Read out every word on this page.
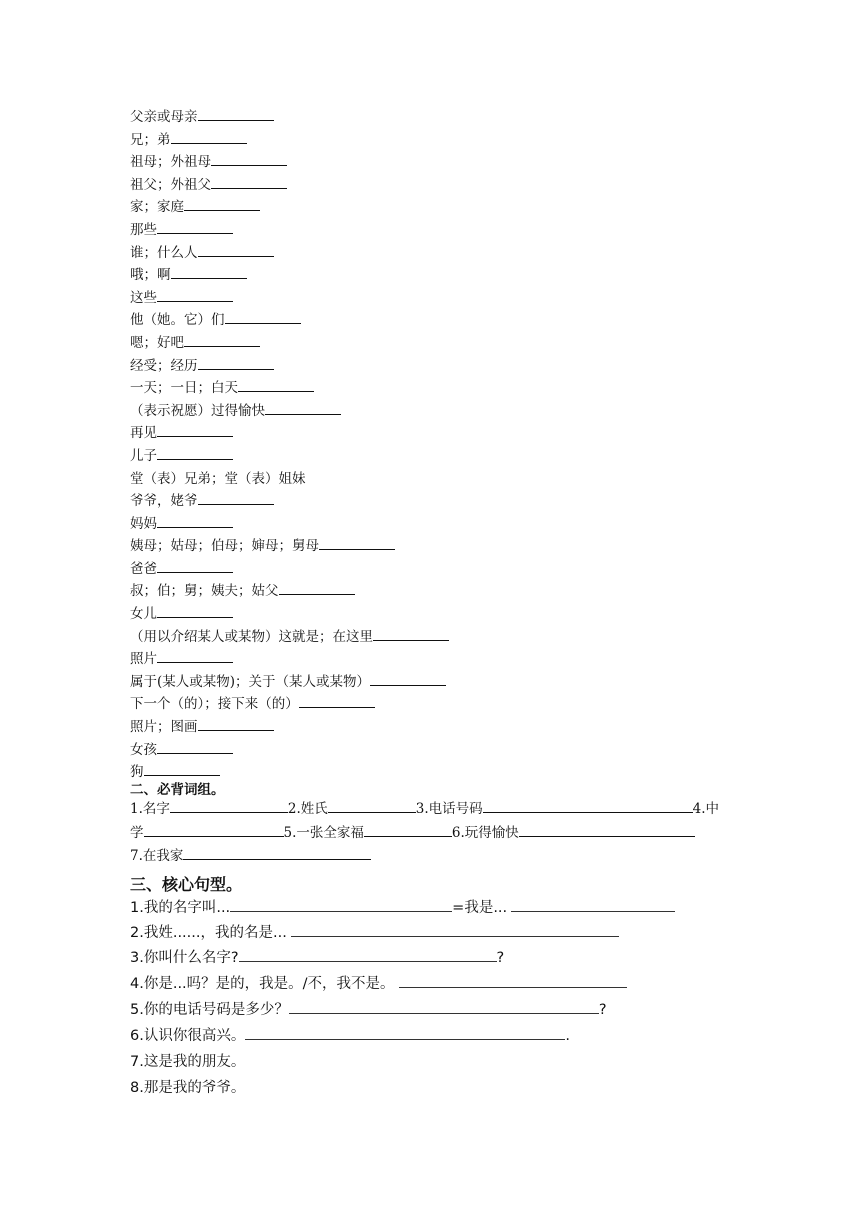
父亲或母亲
兄；弟
祖母；外祖母
祖父；外祖父
家；家庭
那些
谁；什么人
哦；啊
这些
他（她。它）们
嗯；好吧
经受；经历
一天；一日；白天
（表示祝愿）过得愉快
再见
儿子
堂（表）兄弟；堂（表）姐妹
爷爷，姥爷
妈妈
姨母；姑母；伯母；婶母；舅母
爸爸
叔；伯；舅；姨夫；姑父
女儿
（用以介绍某人或某物）这就是；在这里
照片
属于(某人或某物)；关于（某人或某物）
下一个（的）；接下来（的）
照片；图画
女孩
狗
二、必背词组。
1.名字	2.姓氏	3.电话号码	4.中
学	5.一张全家福	6.玩得愉快
7.在我家
三、核心句型。
1.我的名字叫...	=我是...
2.我姓......，我的名是...
3.你叫什么名字?	?
4.你是...吗？是的，我是。/不，我不是。
5.你的电话号码是多少？	?
6.认识你很高兴。	.
7.这是我的朋友。
8.那是我的爷爷。
